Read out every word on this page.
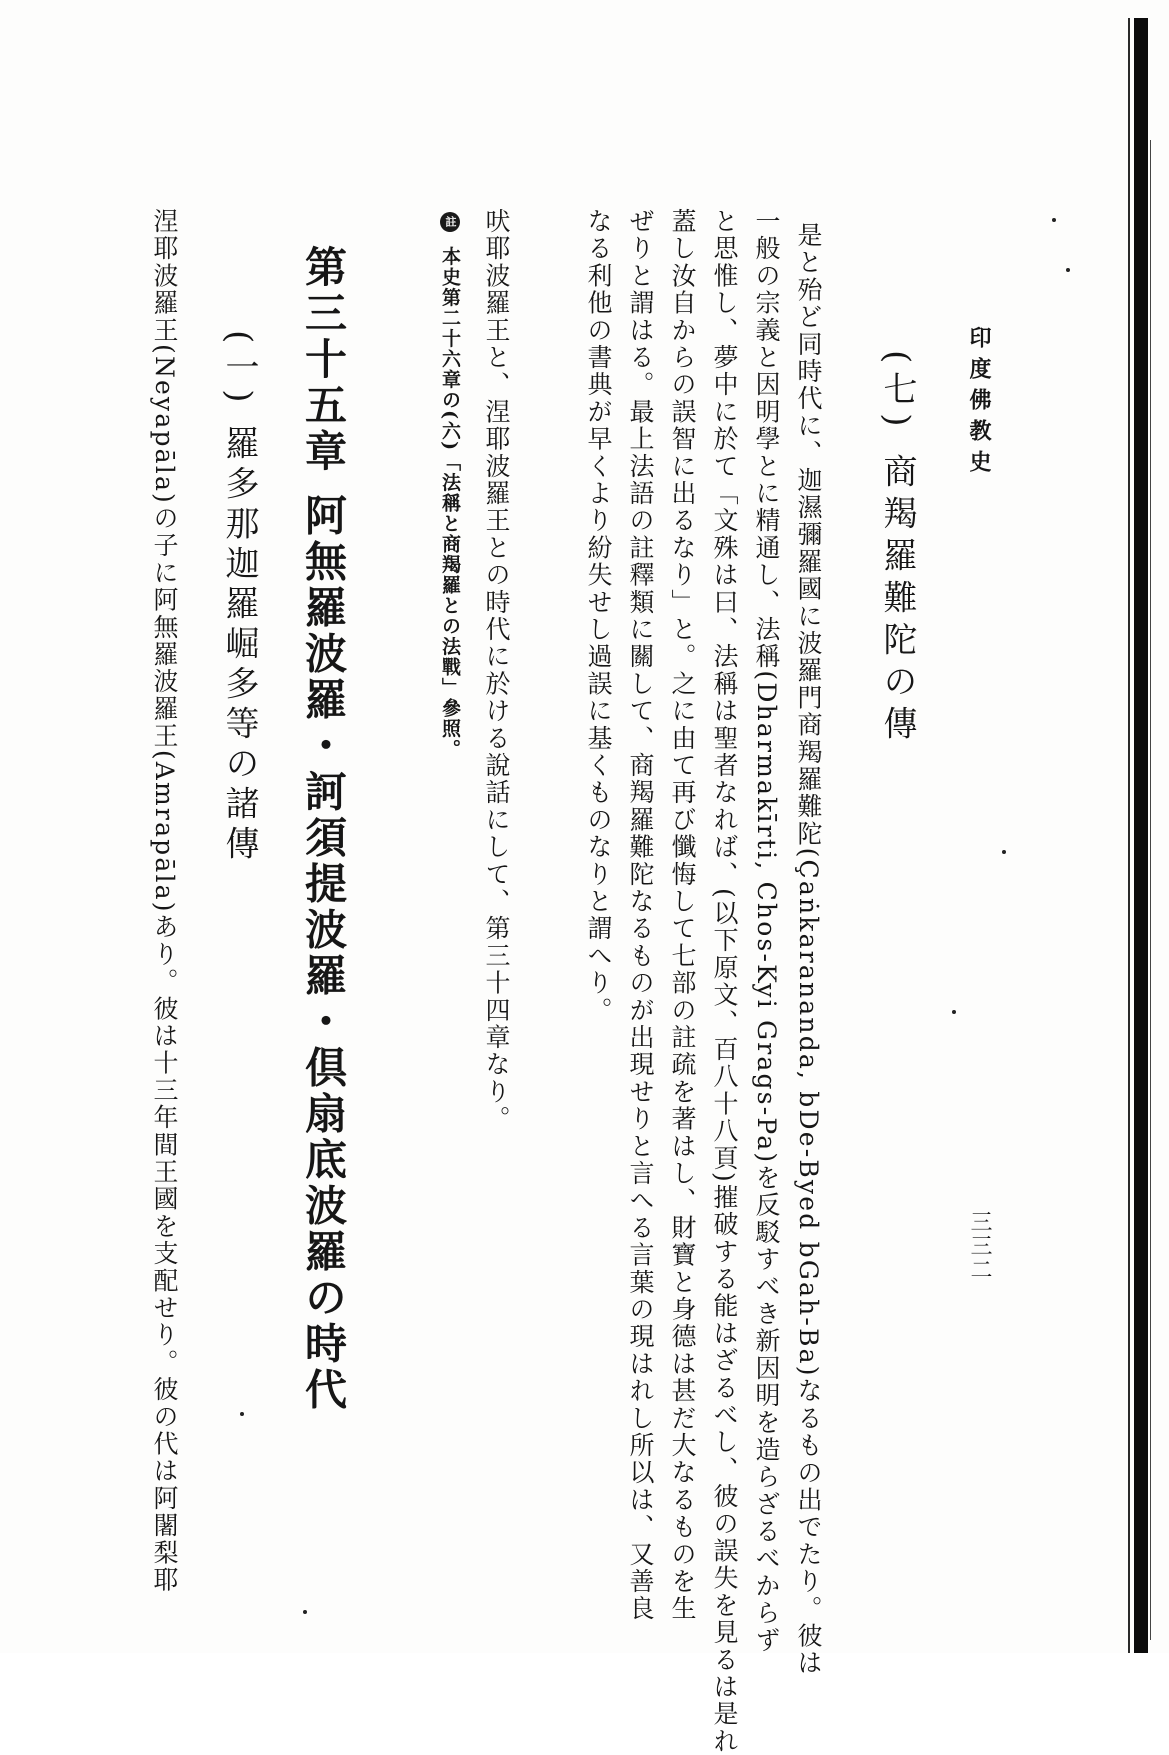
印度佛教史
三三二
(七) 商羯羅難陀の傳
是と殆ど同時代に、迦濕彌羅國に波羅門商羯羅難陀(Çaṅkarananda, bDe-Byed bGah-Ba)なるもの出でたり。彼は
一般の宗義と因明學とに精通し、法稱(Dharmakīrti, Chos-Kyi Grags-Pa)を反駁すべき新因明を造らざるべからず
と思惟し、夢中に於て「文殊は曰、法稱は聖者なれば、(以下原文、百八十八頁)摧破する能はざるべし、彼の誤失を見るは是れ
蓋し汝自からの誤智に出るなり」と。之に由て再び懺悔して七部の註疏を著はし、財寶と身德は甚だ大なるものを生
ぜりと謂はる。最上法語の註釋類に關して、商羯羅難陀なるものが出現せりと言へる言葉の現はれし所以は、又善良
なる利他の書典が早くより紛失せし過誤に基くものなりと謂へり。
吠耶波羅王と、涅耶波羅王との時代に於ける說話にして、第三十四章なり。
註 本史第二十六章の(六)「法稱と商羯羅との法戰」參照。
第三十五章 阿無羅波羅・訶須提波羅・倶扇底波羅の時代
(一) 羅多那迦羅崛多等の諸傳
涅耶波羅王(Neyapāla)の子に阿無羅波羅王(Amrapāla)あり。彼は十三年間王國を支配せり。彼の代は阿闍梨耶
